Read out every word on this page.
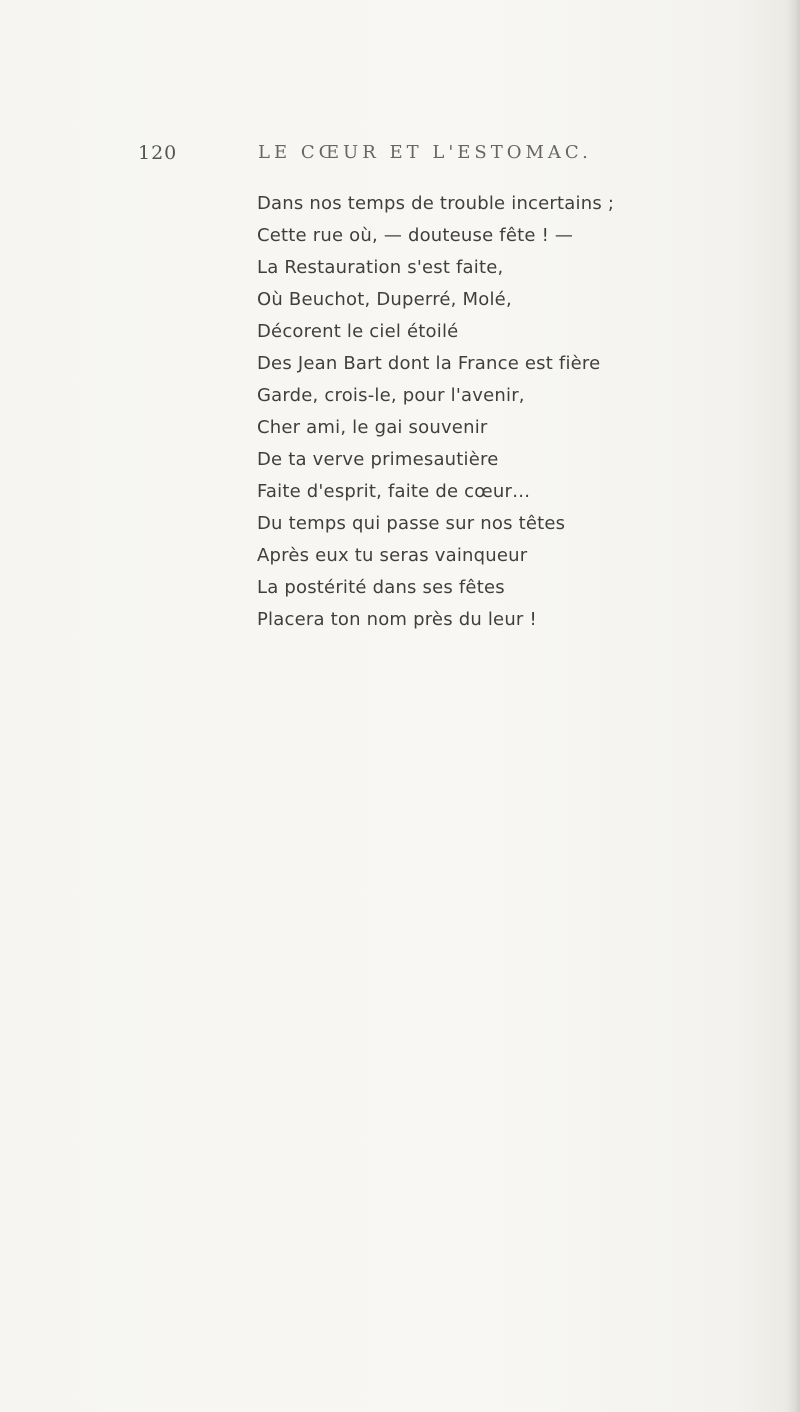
120	LE CŒUR ET L'ESTOMAC.
Dans nos temps de trouble incertains ;
Cette rue où, — douteuse fête ! —
La Restauration s'est faite,
Où Beuchot, Duperré, Molé,
Décorent le ciel étoilé
Des Jean Bart dont la France est fière
Garde, crois-le, pour l'avenir,
Cher ami, le gai souvenir
De ta verve primesautière
Faite d'esprit, faite de cœur…
Du temps qui passe sur nos têtes
Après eux tu seras vainqueur
La postérité dans ses fêtes
Placera ton nom près du leur !
